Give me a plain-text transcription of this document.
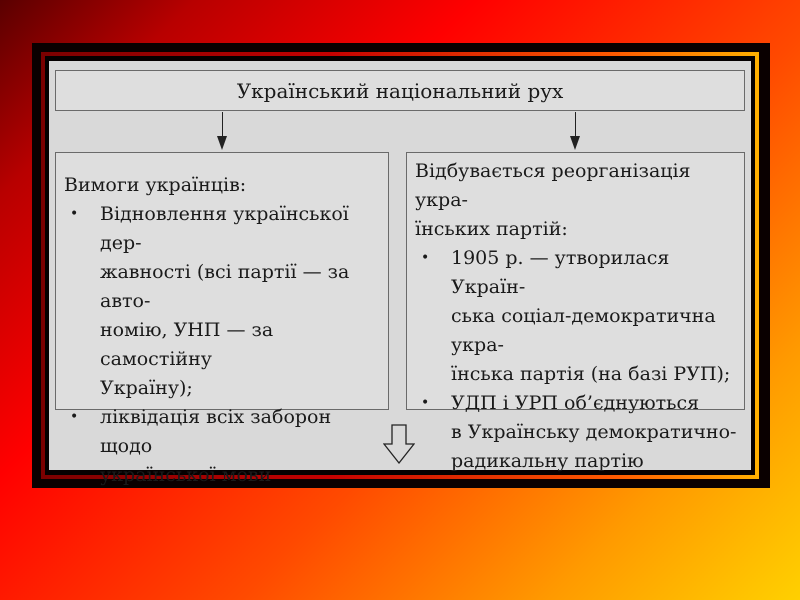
Український національний рух
Вимоги українців:
• Відновлення української дер-
жавності (всі партії — за авто-
номію, УНП — за самостійну
Україну);
• ліквідація всіх заборон щодо
української мови
Відбувається реорганізація укра-
їнських партій:
• 1905 р. — утворилася Україн-
ська соціал-демократична укра-
їнська партія (на базі РУП);
• УДП і УРП об’єднуються
в Українську демократично-
радикальну партію
